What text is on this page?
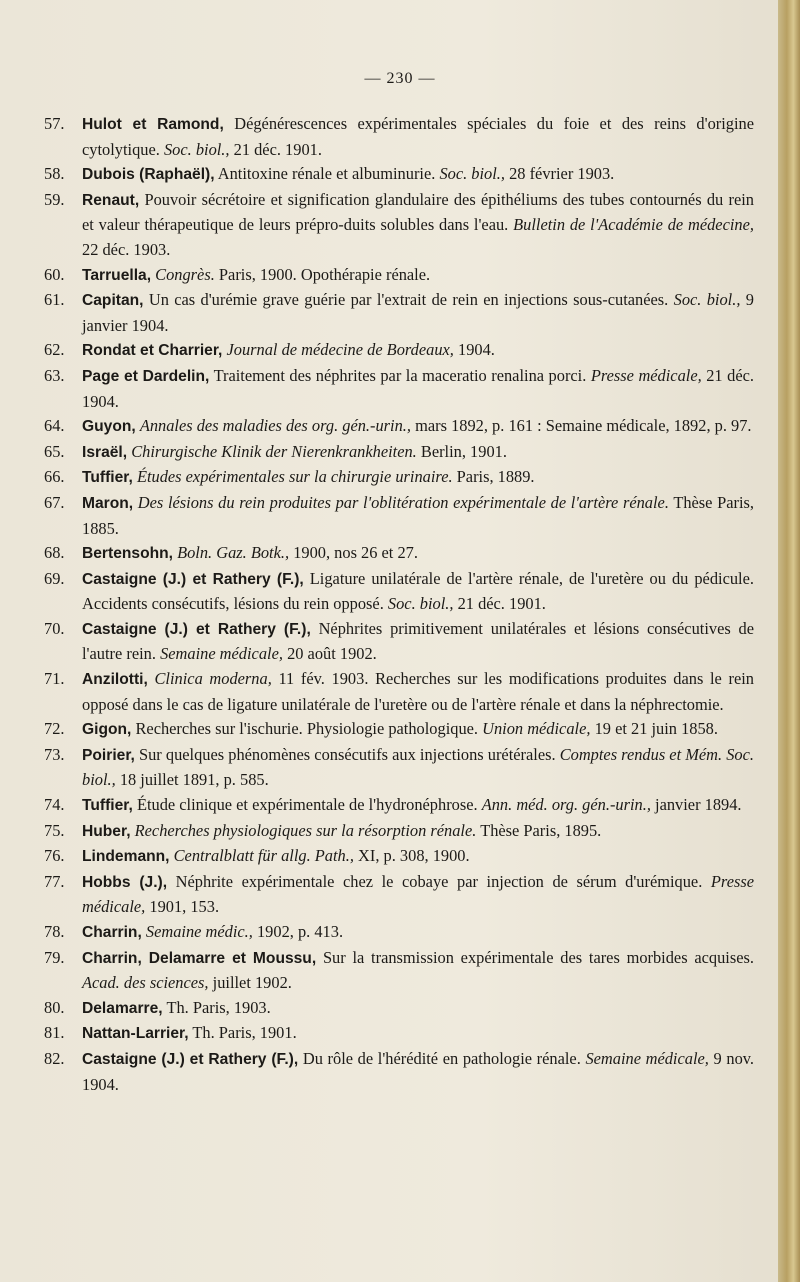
— 230 —
57.	Hulot et Ramond, Dégénérescences expérimentales spéciales du foie et des reins d'origine cytolytique. Soc. biol., 21 déc. 1901.
58.	Dubois (Raphaël), Antitoxine rénale et albuminurie. Soc. biol., 28 février 1903.
59.	Renaut, Pouvoir sécrétoire et signification glandulaire des épithéliums des tubes contournés du rein et valeur thérapeutique de leurs prépro-duits solubles dans l'eau. Bulletin de l'Académie de médecine, 22 déc. 1903.
60.	Tarruella, Congrès. Paris, 1900. Opothérapie rénale.
61.	Capitan, Un cas d'urémie grave guérie par l'extrait de rein en injections sous-cutanées. Soc. biol., 9 janvier 1904.
62.	Rondat et Charrier, Journal de médecine de Bordeaux, 1904.
63.	Page et Dardelin, Traitement des néphrites par la maceratio renalina porci. Presse médicale, 21 déc. 1904.
64.	Guyon, Annales des maladies des org. gén.-urin., mars 1892, p. 161 : Semaine médicale, 1892, p. 97.
65.	Israël, Chirurgische Klinik der Nierenkrankheiten. Berlin, 1901.
66.	Tuffier, Études expérimentales sur la chirurgie urinaire. Paris, 1889.
67.	Maron, Des lésions du rein produites par l'oblitération expérimentale de l'artère rénale. Thèse Paris, 1885.
68.	Bertensohn, Boln. Gaz. Botk., 1900, nos 26 et 27.
69.	Castaigne (J.) et Rathery (F.), Ligature unilatérale de l'artère rénale, de l'uretère ou du pédicule. Accidents consécutifs, lésions du rein opposé. Soc. biol., 21 déc. 1901.
70.	Castaigne (J.) et Rathery (F.), Néphrites primitivement unilatérales et lésions consécutives de l'autre rein. Semaine médicale, 20 août 1902.
71.	Anzilotti, Clinica moderna, 11 fév. 1903. Recherches sur les modifications produites dans le rein opposé dans le cas de ligature unilatérale de l'uretère ou de l'artère rénale et dans la néphrectomie.
72.	Gigon, Recherches sur l'ischurie. Physiologie pathologique. Union médicale, 19 et 21 juin 1858.
73.	Poirier, Sur quelques phénomènes consécutifs aux injections urétérales. Comptes rendus et Mém. Soc. biol., 18 juillet 1891, p. 585.
74.	Tuffier, Étude clinique et expérimentale de l'hydronéphrose. Ann. méd. org. gén.-urin., janvier 1894.
75.	Huber, Recherches physiologiques sur la résorption rénale. Thèse Paris, 1895.
76.	Lindemann, Centralblatt für allg. Path., XI, p. 308, 1900.
77.	Hobbs (J.), Néphrite expérimentale chez le cobaye par injection de sérum d'urémique. Presse médicale, 1901, 153.
78.	Charrin, Semaine médic., 1902, p. 413.
79.	Charrin, Delamarre et Moussu, Sur la transmission expérimentale des tares morbides acquises. Acad. des sciences, juillet 1902.
80.	Delamarre, Th. Paris, 1903.
81.	Nattan-Larrier, Th. Paris, 1901.
82.	Castaigne (J.) et Rathery (F.), Du rôle de l'hérédité en pathologie rénale. Semaine médicale, 9 nov. 1904.
